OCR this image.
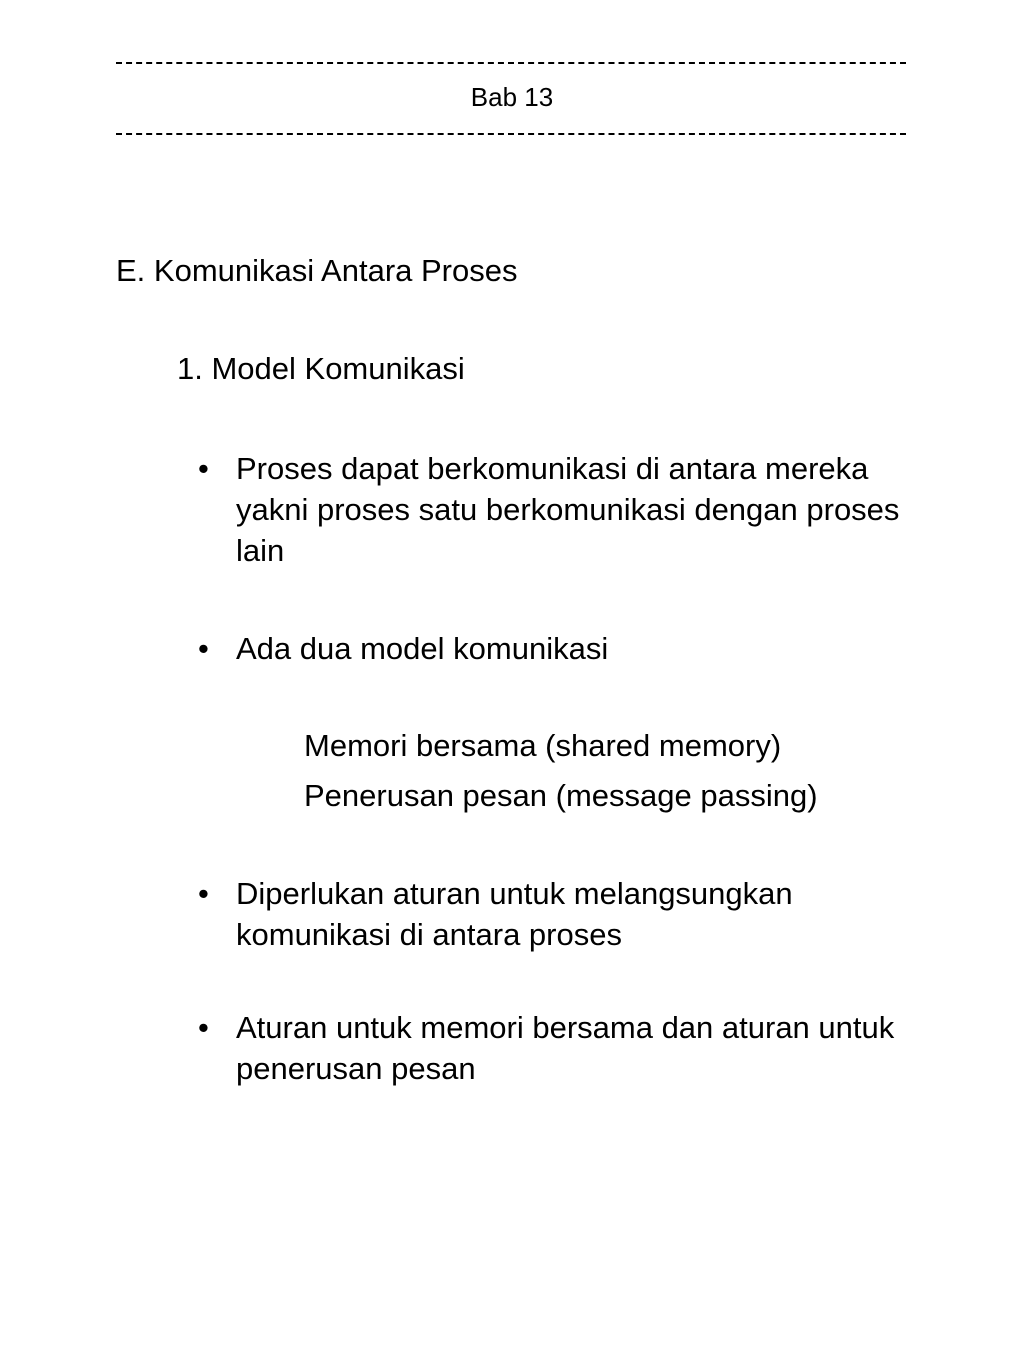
Bab 13
E. Komunikasi Antara Proses
1. Model Komunikasi
• Proses dapat berkomunikasi di antara mereka yakni proses satu berkomunikasi dengan proses lain
• Ada dua model komunikasi
Memori bersama (shared memory)
Penerusan pesan (message passing)
• Diperlukan aturan untuk melangsungkan komunikasi di antara proses
• Aturan untuk memori bersama dan aturan untuk penerusan pesan
